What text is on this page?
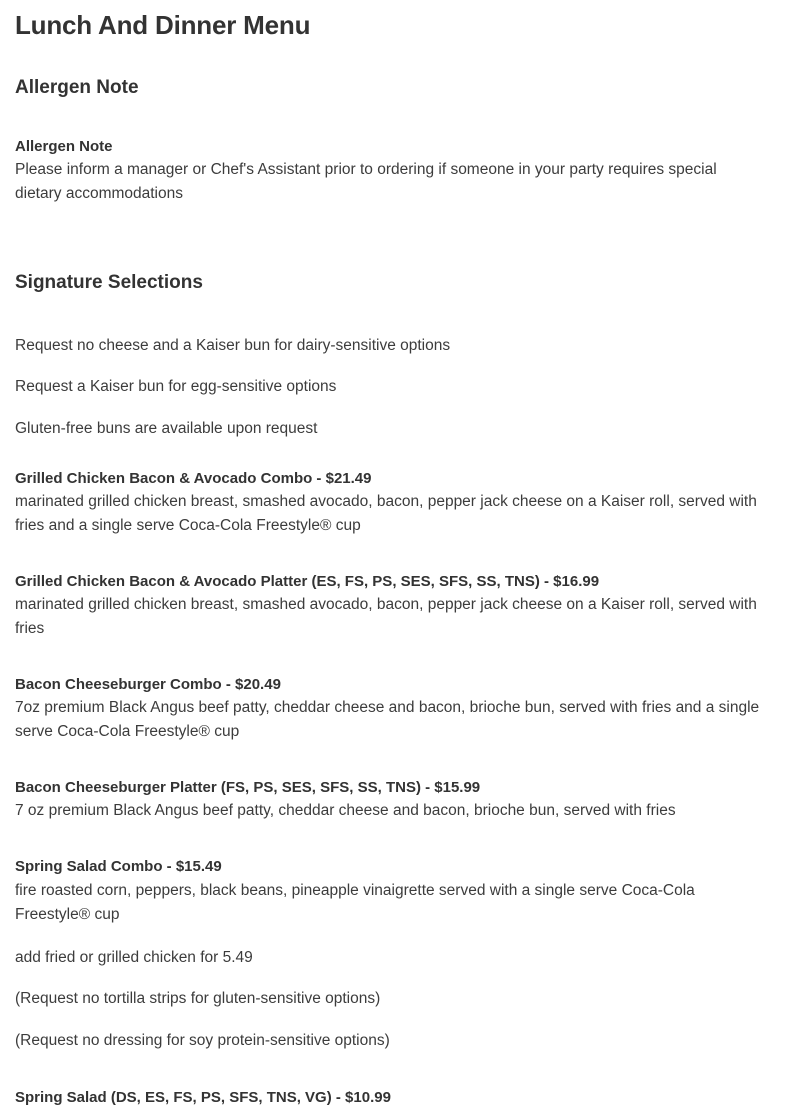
Lunch And Dinner Menu
Allergen Note
Allergen Note

Please inform a manager or Chef's Assistant prior to ordering if someone in your party requires special dietary accommodations

Signature Selections

Request no cheese and a Kaiser bun for dairy-sensitive options

Request a Kaiser bun for egg-sensitive options

Gluten-free buns are available upon request

Grilled Chicken Bacon & Avocado Combo - $21.49

marinated grilled chicken breast, smashed avocado, bacon, pepper jack cheese on a Kaiser roll, served with fries and a single serve Coca-Cola Freestyle® cup

Grilled Chicken Bacon & Avocado Platter (ES, FS, PS, SES, SFS, SS, TNS) - $16.99

marinated grilled chicken breast, smashed avocado, bacon, pepper jack cheese on a Kaiser roll, served with fries

Bacon Cheeseburger Combo - $20.49

7oz premium Black Angus beef patty, cheddar cheese and bacon, brioche bun, served with fries and a single serve Coca-Cola Freestyle® cup

Bacon Cheeseburger Platter (FS, PS, SES, SFS, SS, TNS) - $15.99

7 oz premium Black Angus beef patty, cheddar cheese and bacon, brioche bun, served with fries

Spring Salad Combo - $15.49

fire roasted corn, peppers, black beans, pineapple vinaigrette served with a single serve Coca-Cola Freestyle® cup

add fried or grilled chicken for 5.49

(Request no tortilla strips for gluten-sensitive options)

(Request no dressing for soy protein-sensitive options)

Spring Salad (DS, ES, FS, PS, SFS, TNS, VG) - $10.99
